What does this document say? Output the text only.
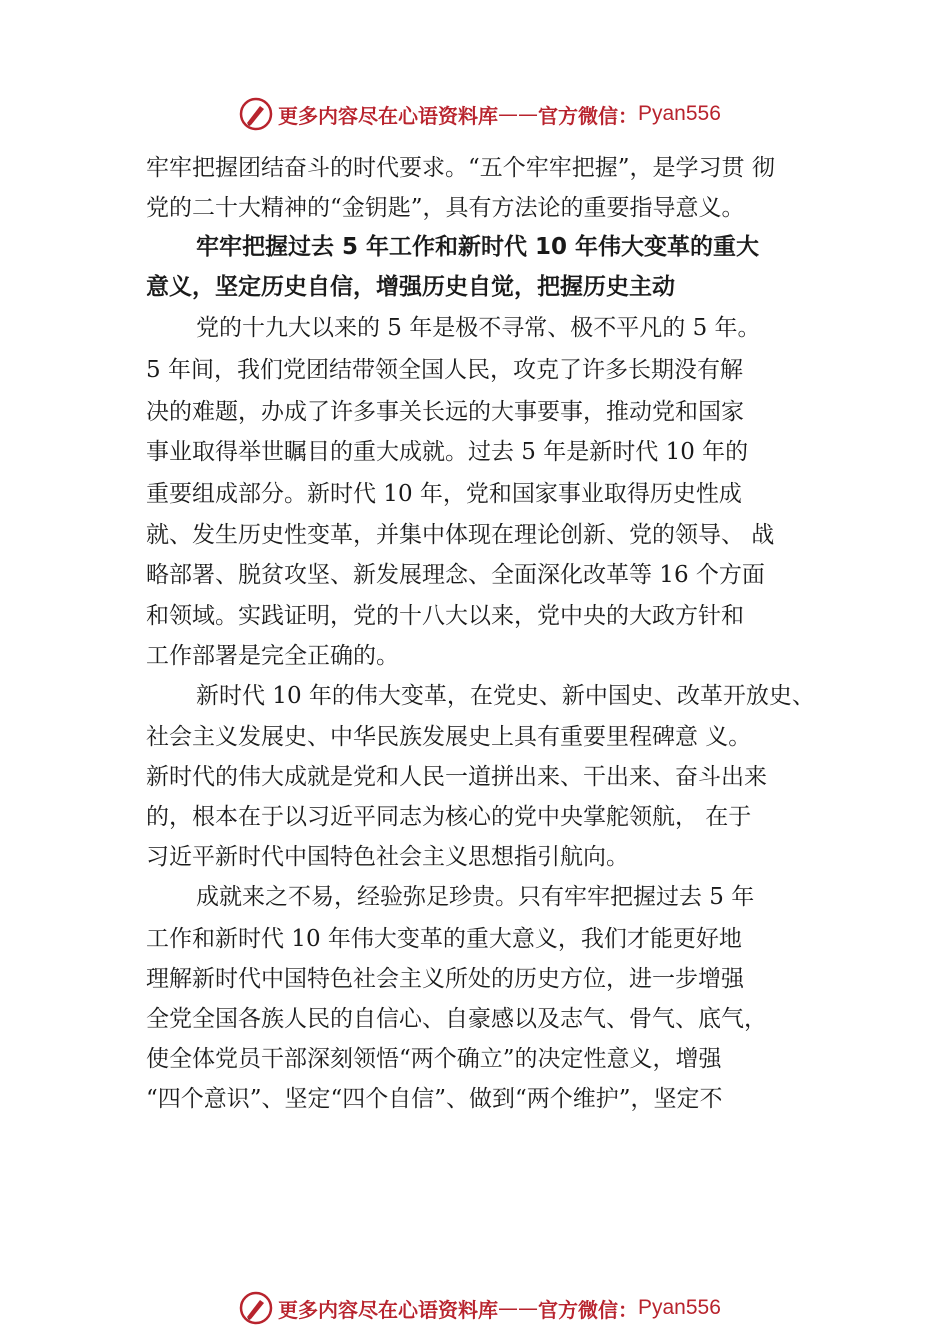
更多内容尽在心语资料库 —— 官方微信： Pyan556
牢牢把握团结奋斗的时代要求。“五个牢牢把握”，是学习贯 彻
党的二十大精神的“金钥匙”，具有方法论的重要指导意义。
牢牢把握过去 5 年工作和新时代 10 年伟大变革的重大
意义，坚定历史自信，增强历史自觉，把握历史主动
党的十九大以来的 5 年是极不寻常、极不平凡的 5 年。
5 年间，我们党团结带领全国人民，攻克了许多长期没有解
决的难题，办成了许多事关长远的大事要事，推动党和国家
事业取得举世瞩目的重大成就。过去 5 年是新时代 10 年的
重要组成部分。新时代 10 年，党和国家事业取得历史性成
就、发生历史性变革，并集中体现在理论创新、党的领导、 战
略部署、脱贫攻坚、新发展理念、全面深化改革等 16 个方面
和领域。实践证明，党的十八大以来，党中央的大政方针和
工作部署是完全正确的。
新时代 10 年的伟大变革，在党史、新中国史、改革开放史、
社会主义发展史、中华民族发展史上具有重要里程碑意 义。
新时代的伟大成就是党和人民一道拼出来、干出来、奋斗出来
的，根本在于以习近平同志为核心的党中央掌舵领航， 在于
习近平新时代中国特色社会主义思想指引航向。
成就来之不易，经验弥足珍贵。只有牢牢把握过去 5 年
工作和新时代 10 年伟大变革的重大意义，我们才能更好地
理解新时代中国特色社会主义所处的历史方位，进一步增强
全党全国各族人民的自信心、自豪感以及志气、骨气、底气，
使全体党员干部深刻领悟“两个确立”的决定性意义，增强
“四个意识”、坚定“四个自信”、做到“两个维护”，坚定不
更多内容尽在心语资料库 —— 官方微信： Pyan556
